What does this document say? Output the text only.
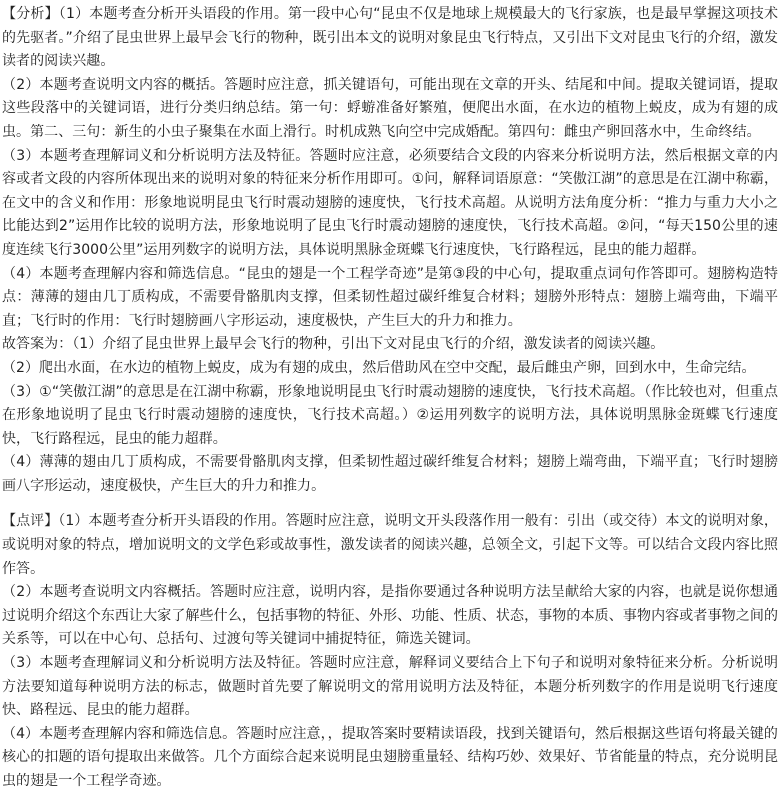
【分析】（1）本题考查分析开头语段的作用。第一段中心句“昆虫不仅是地球上规模最大的飞行家族，也是最早掌握这项技术的先驱者。”介绍了昆虫世界上最早会飞行的物种，既引出本文的说明对象昆虫飞行特点，又引出下文对昆虫飞行的介绍，激发读者的阅读兴趣。

（2）本题考查说明文内容的概括。答题时应注意，抓关键语句，可能出现在文章的开头、结尾和中间。提取关键词语，提取这些段落中的关键词语，进行分类归纳总结。第一句：蜉蝣准备好繁殖，便爬出水面，在水边的植物上蜕皮，成为有翅的成虫。第二、三句：新生的小虫子聚集在水面上滑行。时机成熟飞向空中完成婚配。第四句：雌虫产卵回落水中，生命终结。

（3）本题考查理解词义和分析说明方法及特征。答题时应注意，必须要结合文段的内容来分析说明方法，然后根据文章的内容或者文段的内容所体现出来的说明对象的特征来分析作用即可。①问，解释词语原意：“笑傲江湖”的意思是在江湖中称霸，在文中的含义和作用：形象地说明昆虫飞行时震动翅膀的速度快，飞行技术高超。从说明方法角度分析：“推力与重力大小之比能达到2”运用作比较的说明方法，形象地说明了昆虫飞行时震动翅膀的速度快，飞行技术高超。②问，“每天150公里的速度连续飞行3000公里”运用列数字的说明方法，具体说明黑脉金斑蝶飞行速度快，飞行路程远，昆虫的能力超群。

（4）本题考查理解内容和筛选信息。“昆虫的翅是一个工程学奇迹”是第③段的中心句，提取重点词句作答即可。翅膀构造特点：薄薄的翅由几丁质构成，不需要骨骼肌肉支撑，但柔韧性超过碳纤维复合材料；翅膀外形特点：翅膀上端弯曲，下端平直；飞行时的作用：飞行时翅膀画八字形运动，速度极快，产生巨大的升力和推力。

故答案为：（1）介绍了昆虫世界上最早会飞行的物种，引出下文对昆虫飞行的介绍，激发读者的阅读兴趣。

（2）爬出水面，在水边的植物上蜕皮，成为有翅的成虫，然后借助风在空中交配，最后雌虫产卵，回到水中，生命完结。

（3）①“笑傲江湖”的意思是在江湖中称霸，形象地说明昆虫飞行时震动翅膀的速度快，飞行技术高超。（作比较也对，但重点在形象地说明了昆虫飞行时震动翅膀的速度快，飞行技术高超。）②运用列数字的说明方法，具体说明黑脉金斑蝶飞行速度快，飞行路程远，昆虫的能力超群。

（4）薄薄的翅由几丁质构成，不需要骨骼肌肉支撑，但柔韧性超过碳纤维复合材料；翅膀上端弯曲，下端平直；飞行时翅膀画八字形运动，速度极快，产生巨大的升力和推力。

【点评】（1）本题考查分析开头语段的作用。答题时应注意，说明文开头段落作用一般有：引出（或交待）本文的说明对象，或说明对象的特点，增加说明文的文学色彩或故事性，激发读者的阅读兴趣，总领全文，引起下文等。可以结合文段内容比照作答。

（2）本题考查说明文内容概括。答题时应注意，说明内容，是指你要通过各种说明方法呈献给大家的内容，也就是说你想通过说明介绍这个东西让大家了解些什么，包括事物的特征、外形、功能、性质、状态，事物的本质、事物内容或者事物之间的关系等，可以在中心句、总括句、过渡句等关键词中捕捉特征，筛选关键词。

（3）本题考查理解词义和分析说明方法及特征。答题时应注意，解释词义要结合上下句子和说明对象特征来分析。分析说明方法要知道每种说明方法的标志，做题时首先要了解说明文的常用说明方法及特征，本题分析列数字的作用是说明飞行速度快、路程远、昆虫的能力超群。

（4）本题考查理解内容和筛选信息。答题时应注意，，提取答案时要精读语段，找到关键语句，然后根据这些语句将最关键的核心的扣题的语句提取出来做答。几个方面综合起来说明昆虫翅膀重量轻、结构巧妙、效果好、节省能量的特点，充分说明昆虫的翅是一个工程学奇迹。
